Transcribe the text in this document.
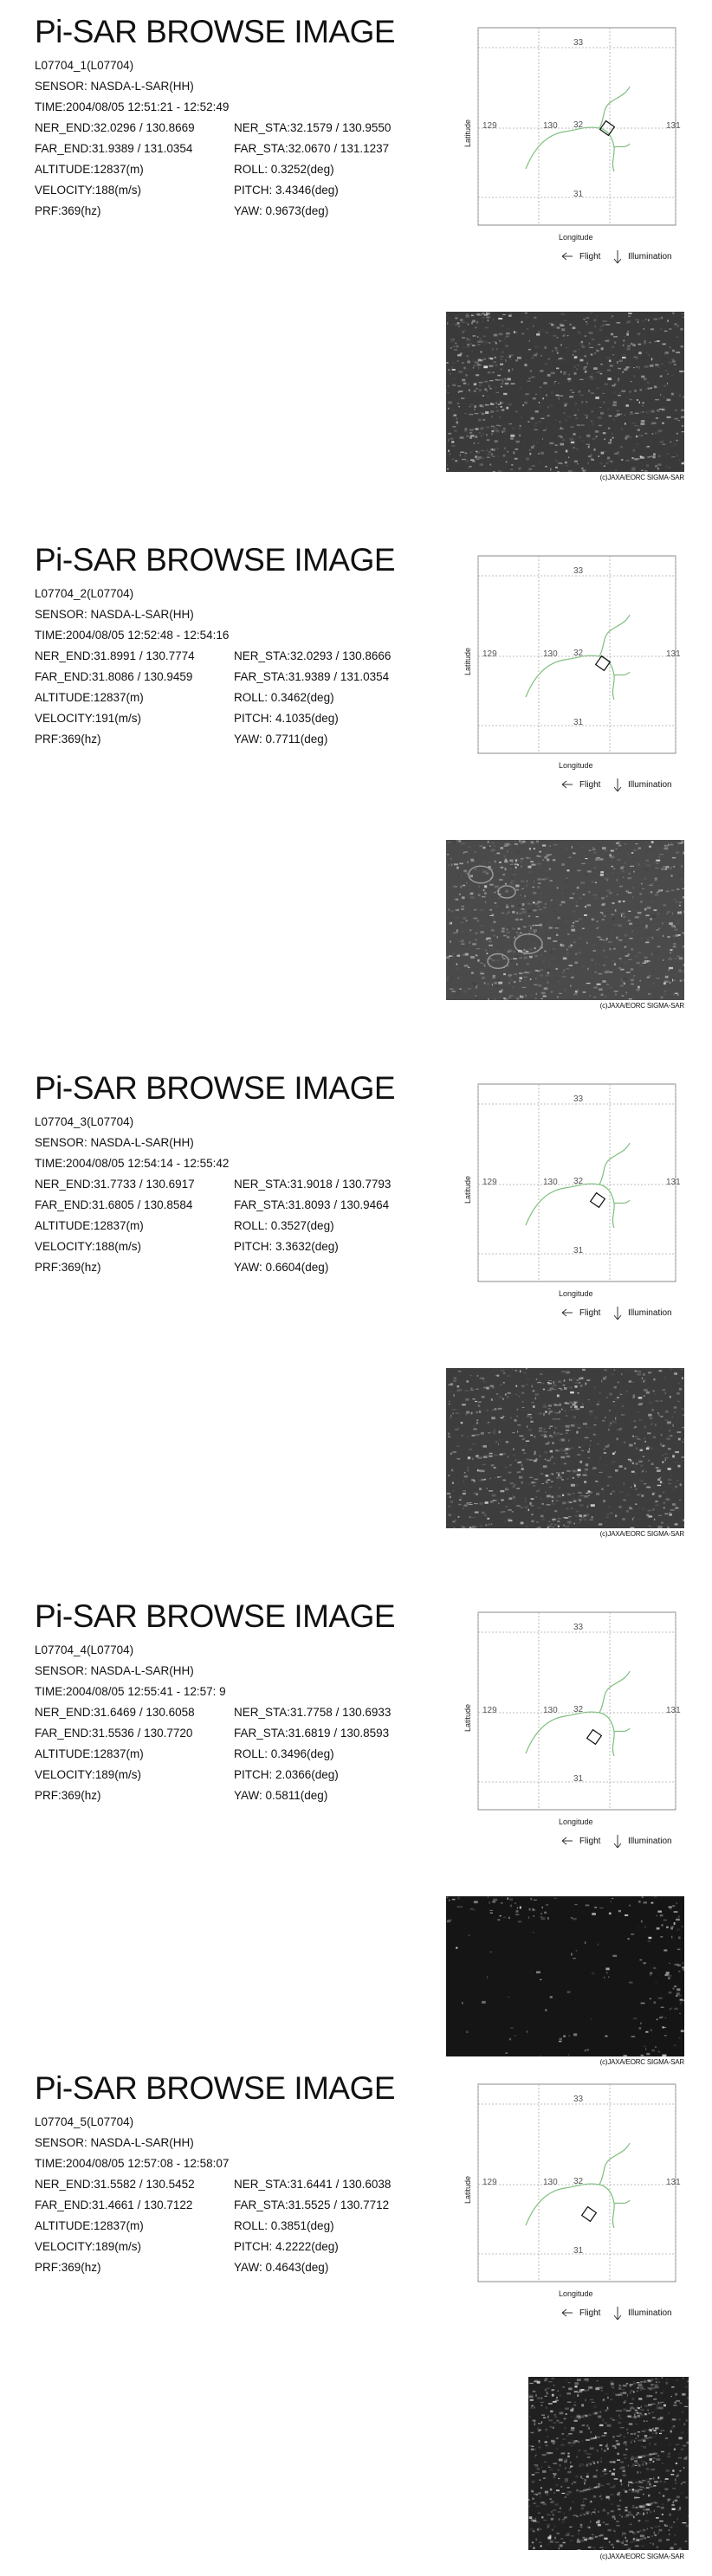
Pi-SAR BROWSE IMAGE
L07704_1(L07704)
SENSOR: NASDA-L-SAR(HH)
TIME:2004/08/05 12:51:21 - 12:52:49
NER_END:32.0296 / 130.8669	NER_STA:32.1579 / 130.9550
FAR_END:31.9389 / 131.0354	FAR_STA:32.0670 / 131.1237
ALTITUDE:12837(m)	ROLL: 0.3252(deg)
VELOCITY:188(m/s)	PITCH: 3.4346(deg)
PRF:369(hz)	YAW: 0.9673(deg)
33
32
31
129	130	131
Longitude
Latitude
Flight	Illumination
(c)JAXA/EORC SIGMA-SAR
Pi-SAR BROWSE IMAGE
L07704_2(L07704)
SENSOR: NASDA-L-SAR(HH)
TIME:2004/08/05 12:52:48 - 12:54:16
NER_END:31.8991 / 130.7774	NER_STA:32.0293 / 130.8666
FAR_END:31.8086 / 130.9459	FAR_STA:31.9389 / 131.0354
ALTITUDE:12837(m)	ROLL: 0.3462(deg)
VELOCITY:191(m/s)	PITCH: 4.1035(deg)
PRF:369(hz)	YAW: 0.7711(deg)
33
32
31
129	130	131
Longitude
Latitude
Flight	Illumination
(c)JAXA/EORC SIGMA-SAR
Pi-SAR BROWSE IMAGE
L07704_3(L07704)
SENSOR: NASDA-L-SAR(HH)
TIME:2004/08/05 12:54:14 - 12:55:42
NER_END:31.7733 / 130.6917	NER_STA:31.9018 / 130.7793
FAR_END:31.6805 / 130.8584	FAR_STA:31.8093 / 130.9464
ALTITUDE:12837(m)	ROLL: 0.3527(deg)
VELOCITY:188(m/s)	PITCH: 3.3632(deg)
PRF:369(hz)	YAW: 0.6604(deg)
33
32
31
129	130	131
Longitude
Latitude
Flight	Illumination
(c)JAXA/EORC SIGMA-SAR
Pi-SAR BROWSE IMAGE
L07704_4(L07704)
SENSOR: NASDA-L-SAR(HH)
TIME:2004/08/05 12:55:41 - 12:57: 9
NER_END:31.6469 / 130.6058	NER_STA:31.7758 / 130.6933
FAR_END:31.5536 / 130.7720	FAR_STA:31.6819 / 130.8593
ALTITUDE:12837(m)	ROLL: 0.3496(deg)
VELOCITY:189(m/s)	PITCH: 2.0366(deg)
PRF:369(hz)	YAW: 0.5811(deg)
33
32
31
129	130	131
Longitude
Latitude
Flight	Illumination
(c)JAXA/EORC SIGMA-SAR
Pi-SAR BROWSE IMAGE
L07704_5(L07704)
SENSOR: NASDA-L-SAR(HH)
TIME:2004/08/05 12:57:08 - 12:58:07
NER_END:31.5582 / 130.5452	NER_STA:31.6441 / 130.6038
FAR_END:31.4661 / 130.7122	FAR_STA:31.5525 / 130.7712
ALTITUDE:12837(m)	ROLL: 0.3851(deg)
VELOCITY:189(m/s)	PITCH: 4.2222(deg)
PRF:369(hz)	YAW: 0.4643(deg)
33
32
31
129	130	131
Longitude
Latitude
Flight	Illumination
(c)JAXA/EORC SIGMA-SAR
